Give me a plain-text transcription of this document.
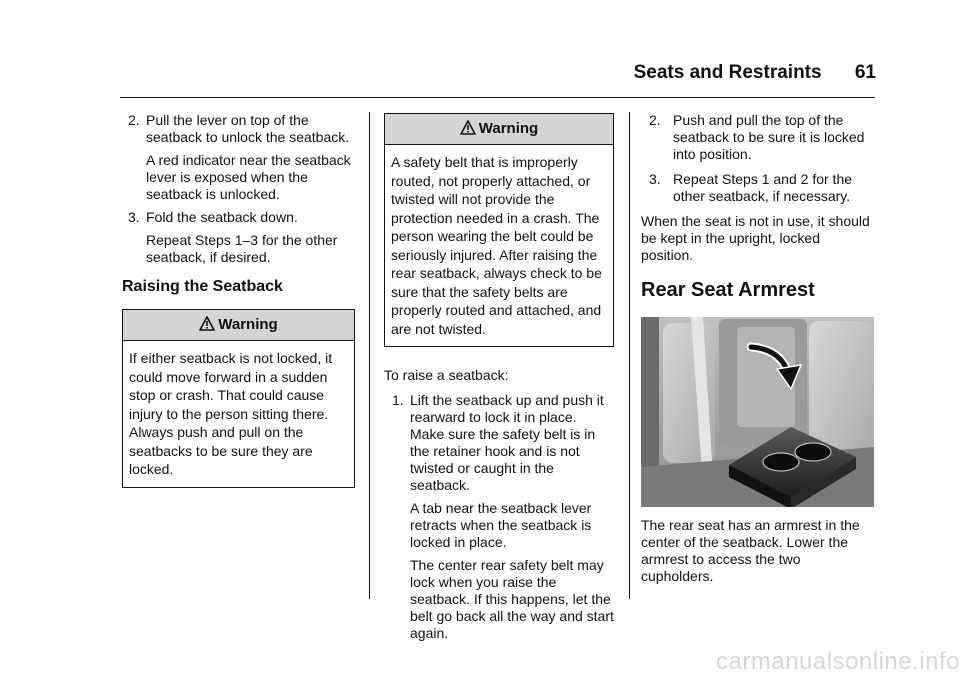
Seats and Restraints 61

2. Pull the lever on top of the seatback to unlock the seatback.

A red indicator near the seatback lever is exposed when the seatback is unlocked.

3. Fold the seatback down.

Repeat Steps 1–3 for the other seatback, if desired.

Raising the Seatback

Warning
If either seatback is not locked, it could move forward in a sudden stop or crash. That could cause injury to the person sitting there. Always push and pull on the seatbacks to be sure they are locked.
Warning
A safety belt that is improperly routed, not properly attached, or twisted will not provide the protection needed in a crash. The person wearing the belt could be seriously injured. After raising the rear seatback, always check to be sure that the safety belts are properly routed and attached, and are not twisted.

To raise a seatback:

1. Lift the seatback up and push it rearward to lock it in place. Make sure the safety belt is in the retainer hook and is not twisted or caught in the seatback.

A tab near the seatback lever retracts when the seatback is locked in place.

The center rear safety belt may lock when you raise the seatback. If this happens, let the belt go back all the way and start again.

2. Push and pull the top of the seatback to be sure it is locked into position.

3. Repeat Steps 1 and 2 for the other seatback, if necessary.

When the seat is not in use, it should be kept in the upright, locked position.

Rear Seat Armrest

The rear seat has an armrest in the center of the seatback. Lower the armrest to access the two cupholders.

carmanualsonline.info
